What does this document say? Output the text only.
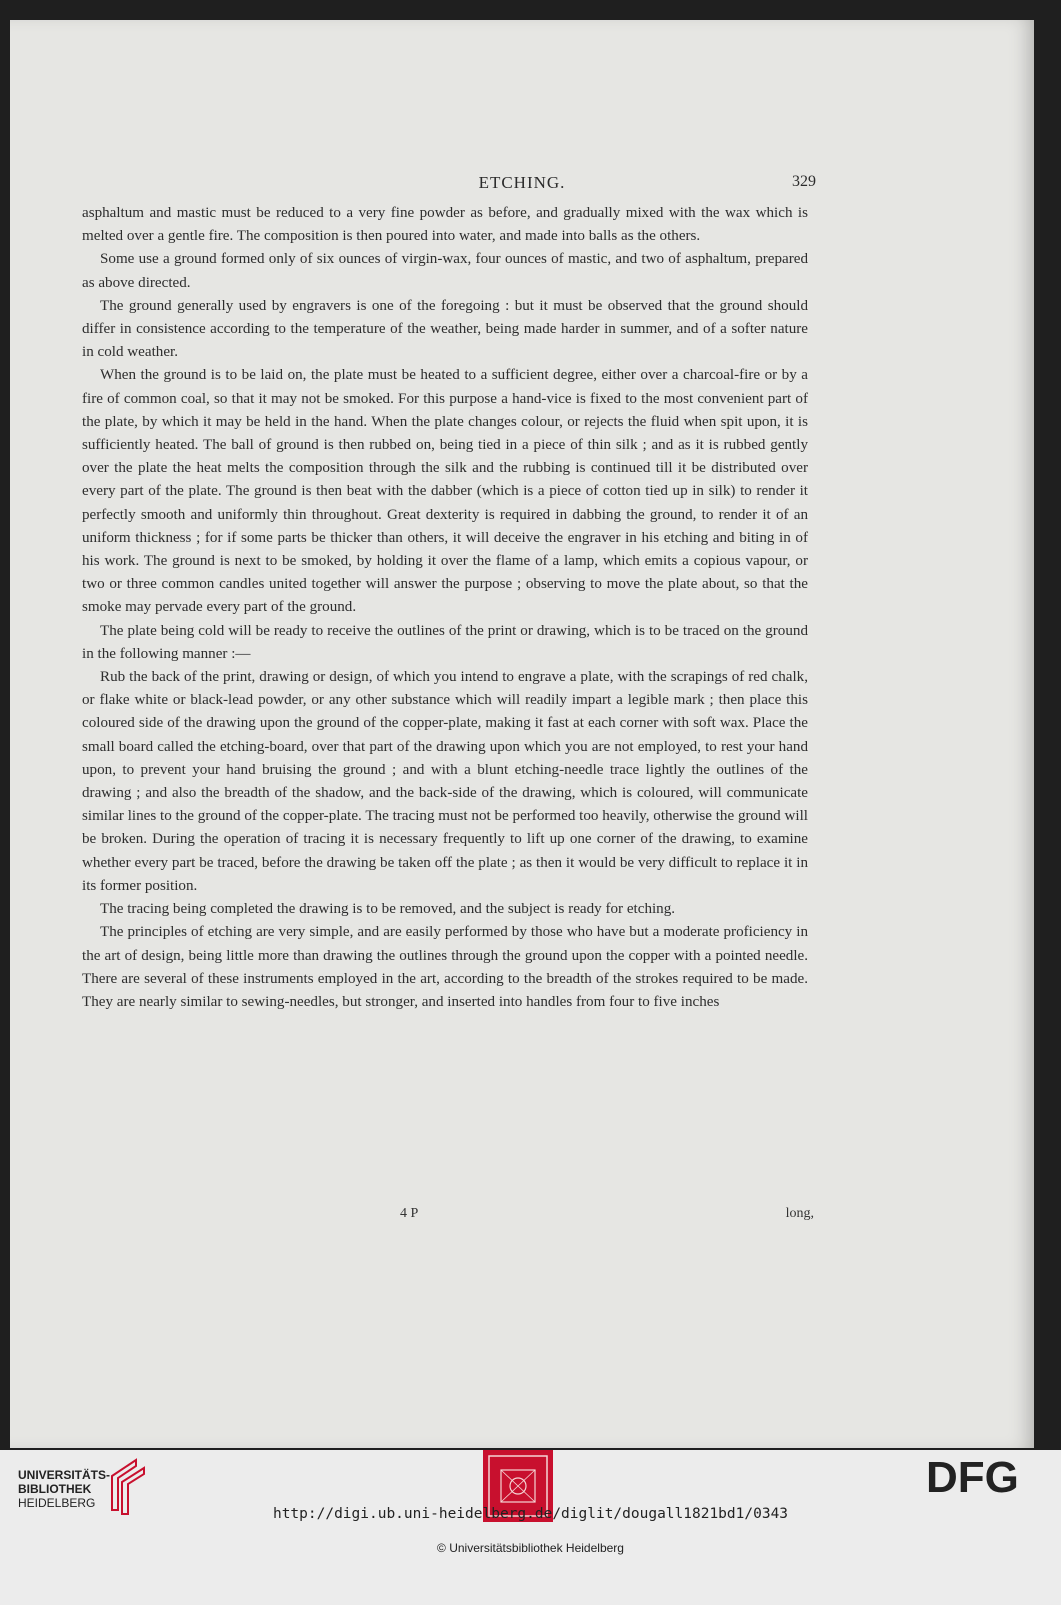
ETCHING.	329

asphaltum and mastic must be reduced to a very fine powder as before, and gradually mixed with the wax which is melted over a gentle fire. The composition is then poured into water, and made into balls as the others.

Some use a ground formed only of six ounces of virgin-wax, four ounces of mastic, and two of asphaltum, prepared as above directed.

The ground generally used by engravers is one of the foregoing : but it must be observed that the ground should differ in consistence according to the temperature of the weather, being made harder in summer, and of a softer nature in cold weather.

When the ground is to be laid on, the plate must be heated to a sufficient degree, either over a charcoal-fire or by a fire of common coal, so that it may not be smoked. For this purpose a hand-vice is fixed to the most convenient part of the plate, by which it may be held in the hand. When the plate changes colour, or rejects the fluid when spit upon, it is sufficiently heated. The ball of ground is then rubbed on, being tied in a piece of thin silk ; and as it is rubbed gently over the plate the heat melts the composition through the silk and the rubbing is continued till it be distributed over every part of the plate. The ground is then beat with the dabber (which is a piece of cotton tied up in silk) to render it perfectly smooth and uniformly thin throughout. Great dexterity is required in dabbing the ground, to render it of an uniform thickness ; for if some parts be thicker than others, it will deceive the engraver in his etching and biting in of his work. The ground is next to be smoked, by holding it over the flame of a lamp, which emits a copious vapour, or two or three common candles united together will answer the purpose ; observing to move the plate about, so that the smoke may pervade every part of the ground.

The plate being cold will be ready to receive the outlines of the print or drawing, which is to be traced on the ground in the following manner :—

Rub the back of the print, drawing or design, of which you intend to engrave a plate, with the scrapings of red chalk, or flake white or black-lead powder, or any other substance which will readily impart a legible mark ; then place this coloured side of the drawing upon the ground of the copper-plate, making it fast at each corner with soft wax. Place the small board called the etching-board, over that part of the drawing upon which you are not employed, to rest your hand upon, to prevent your hand bruising the ground ; and with a blunt etching-needle trace lightly the outlines of the drawing ; and also the breadth of the shadow, and the back-side of the drawing, which is coloured, will communicate similar lines to the ground of the copper-plate. The tracing must not be performed too heavily, otherwise the ground will be broken. During the operation of tracing it is necessary frequently to lift up one corner of the drawing, to examine whether every part be traced, before the drawing be taken off the plate ; as then it would be very difficult to replace it in its former position.

The tracing being completed the drawing is to be removed, and the subject is ready for etching.

The principles of etching are very simple, and are easily performed by those who have but a moderate proficiency in the art of design, being little more than drawing the outlines through the ground upon the copper with a pointed needle. There are several of these instruments employed in the art, according to the breadth of the strokes required to be made. They are nearly similar to sewing-needles, but stronger, and inserted into handles from four to five inches

4 P	long,
UNIVERSITÄTS-
BIBLIOTHEK
HEIDELBERG
DFG
http://digi.ub.uni-heidelberg.de/diglit/dougall1821bd1/0343
© Universitätsbibliothek Heidelberg
